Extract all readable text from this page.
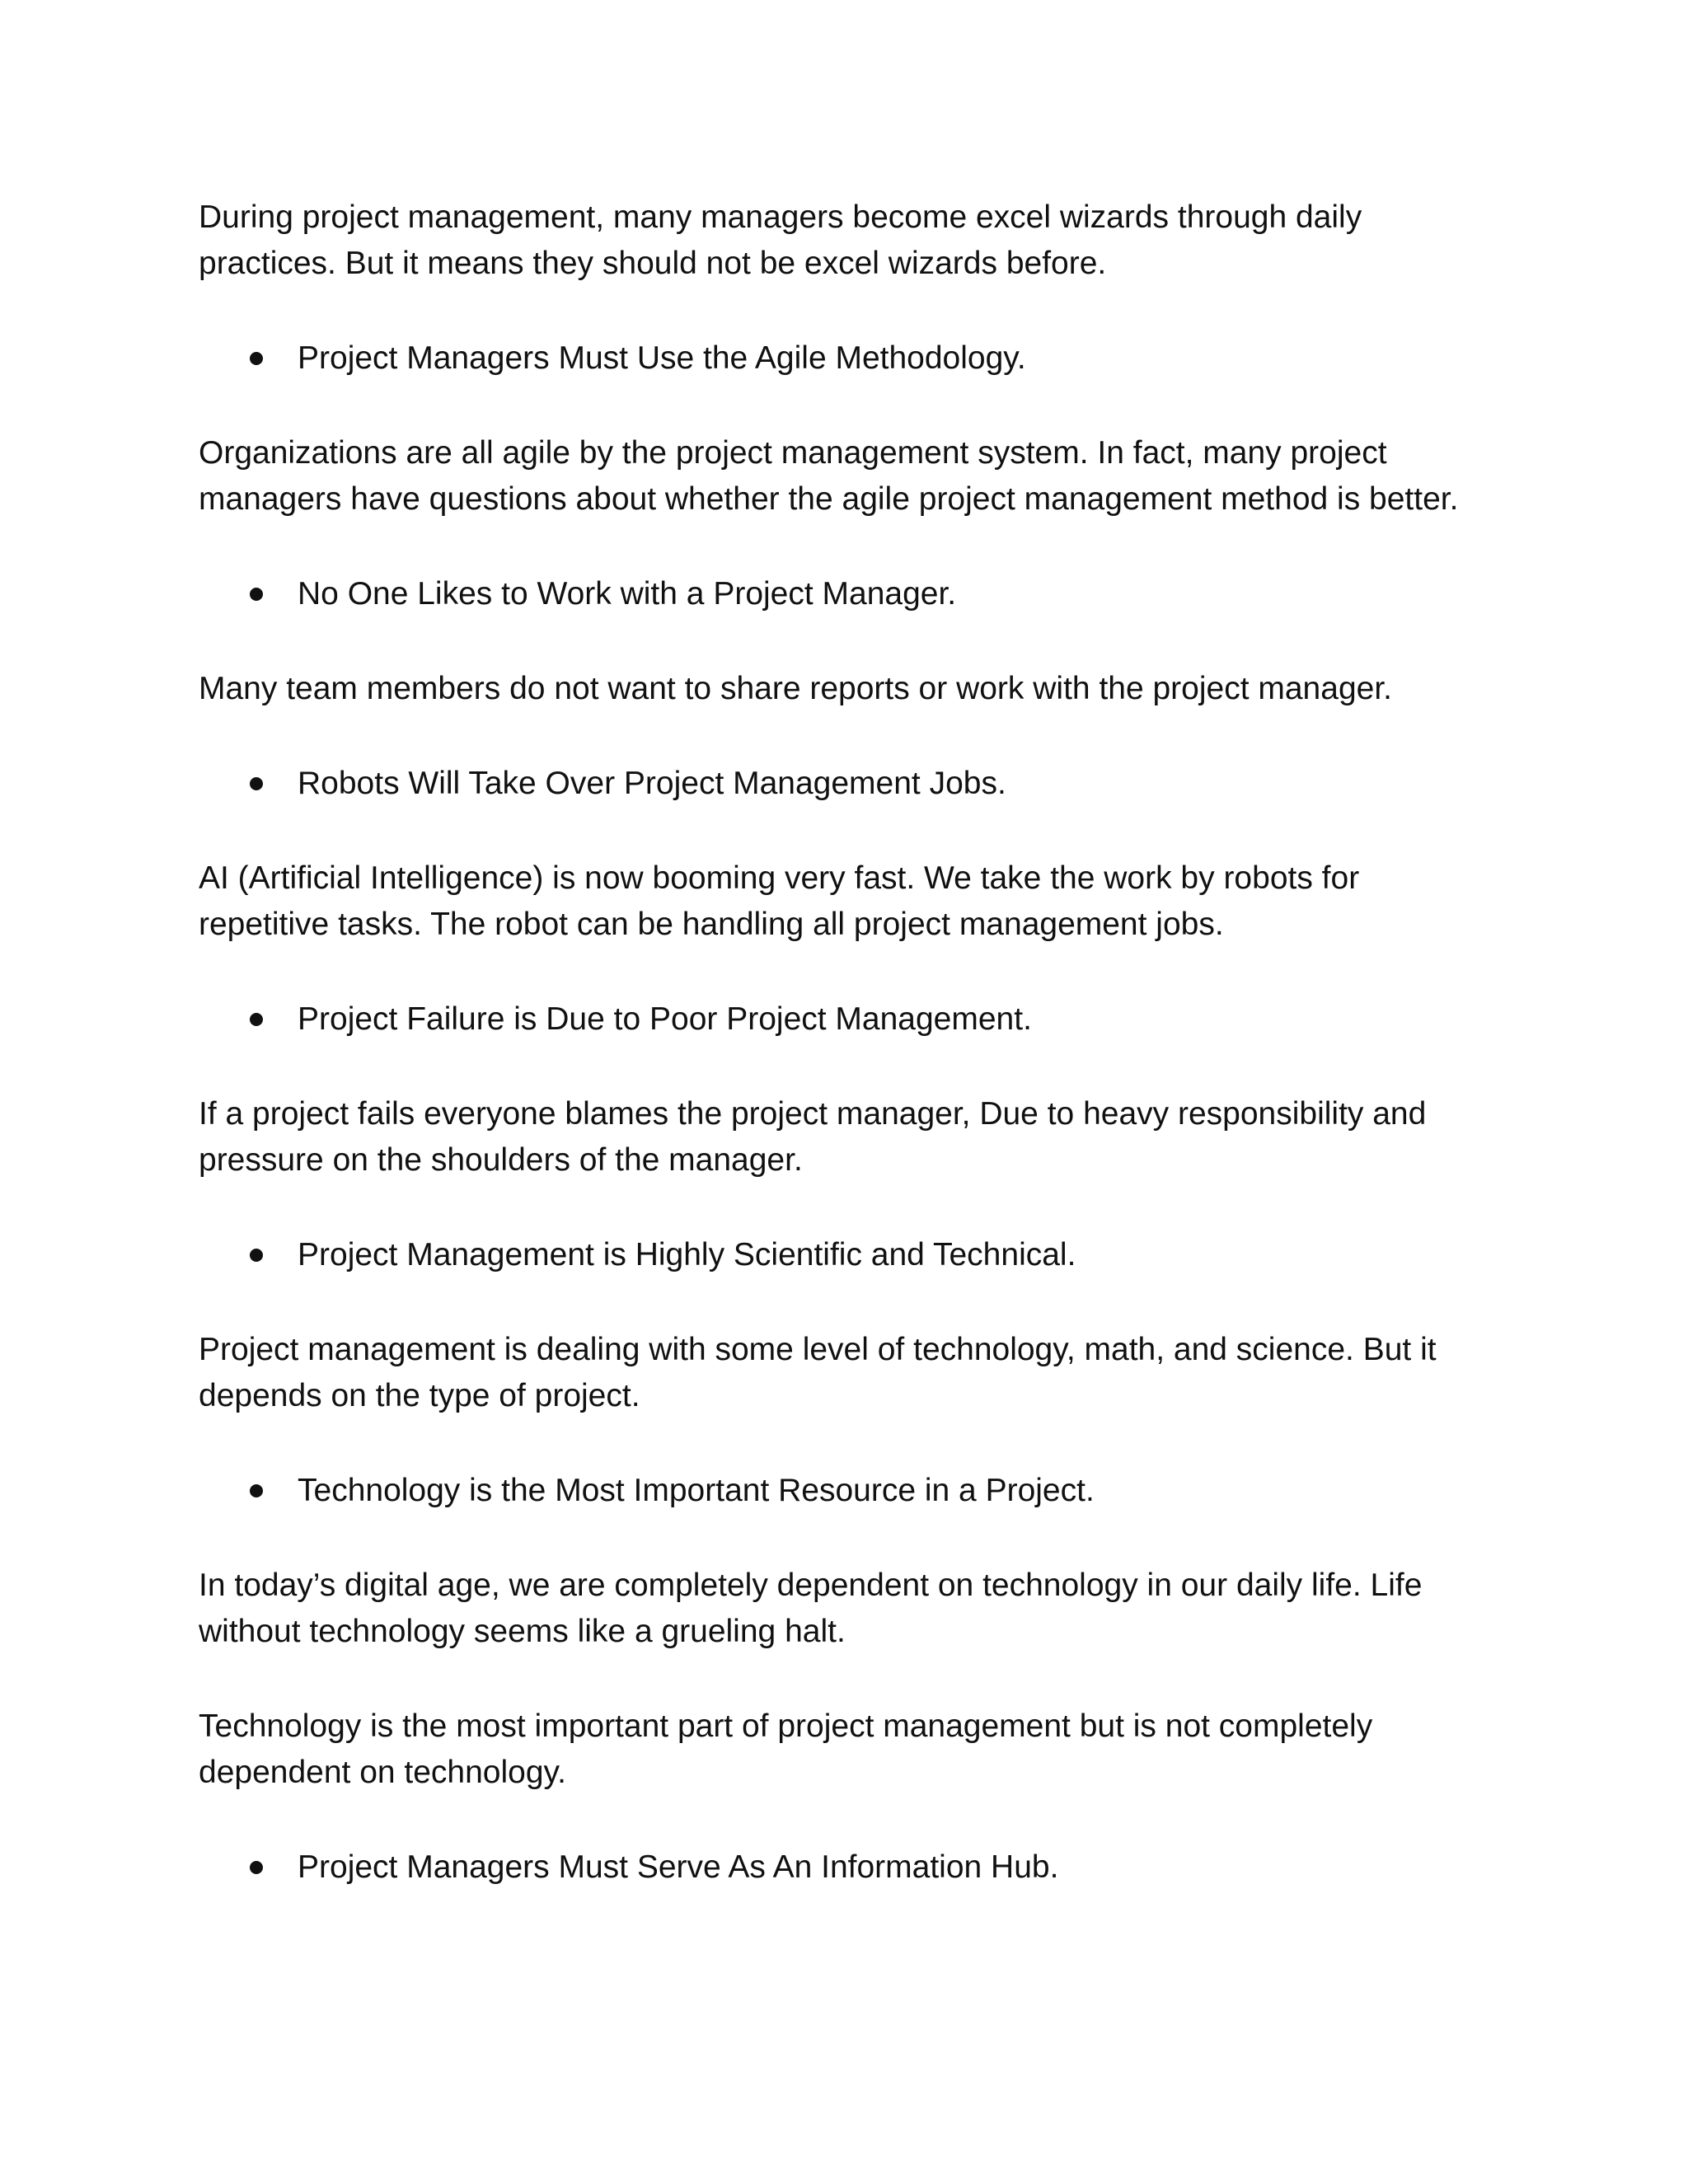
During project management, many managers become excel wizards through daily practices. But it means they should not be excel wizards before.

Project Managers Must Use the Agile Methodology.

Organizations are all agile by the project management system. In fact, many project managers have questions about whether the agile project management method is better.

No One Likes to Work with a Project Manager.

Many team members do not want to share reports or work with the project manager.

Robots Will Take Over Project Management Jobs.

AI (Artificial Intelligence) is now booming very fast. We take the work by robots for repetitive tasks. The robot can be handling all project management jobs.

Project Failure is Due to Poor Project Management.

If a project fails everyone blames the project manager, Due to heavy responsibility and pressure on the shoulders of the manager.

Project Management is Highly Scientific and Technical.

Project management is dealing with some level of technology, math, and science. But it depends on the type of project.

Technology is the Most Important Resource in a Project.

In today’s digital age, we are completely dependent on technology in our daily life. Life without technology seems like a grueling halt.

Technology is the most important part of project management but is not completely dependent on technology.

Project Managers Must Serve As An Information Hub.
